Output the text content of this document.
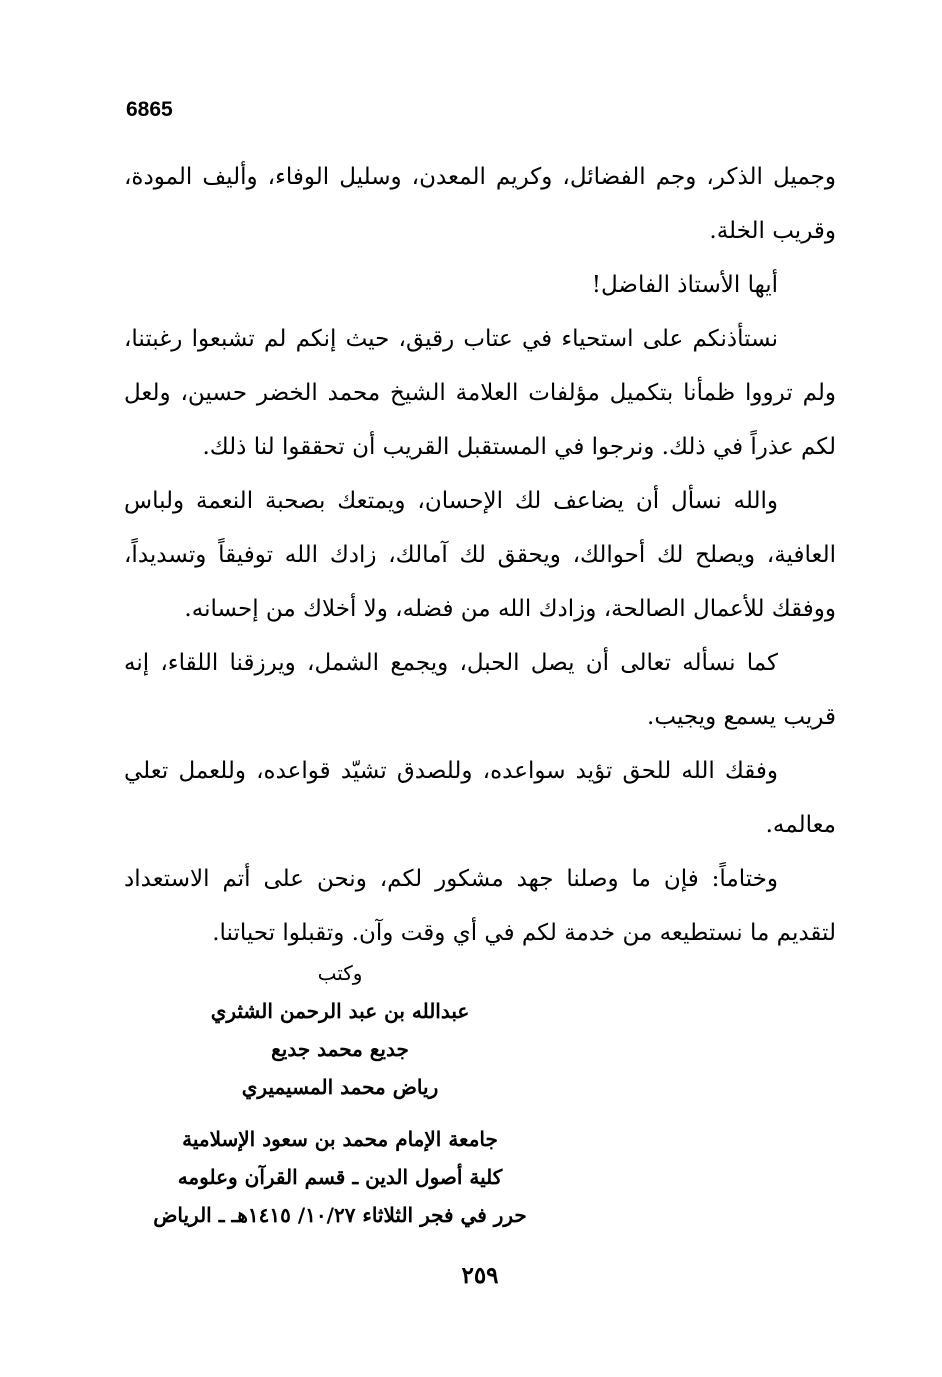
6865

وجميل الذكر، وجم الفضائل، وكريم المعدن، وسليل الوفاء، وأليف المودة، وقريب الخلة.

أيها الأستاذ الفاضل!

نستأذنكم على استحياء في عتاب رقيق، حيث إنكم لم تشبعوا رغبتنا، ولم ترووا ظمأنا بتكميل مؤلفات العلامة الشيخ محمد الخضر حسين، ولعل لكم عذراً في ذلك. ونرجوا في المستقبل القريب أن تحققوا لنا ذلك.

والله نسأل أن يضاعف لك الإحسان، ويمتعك بصحبة النعمة ولباس العافية، ويصلح لك أحوالك، ويحقق لك آمالك، زادك الله توفيقاً وتسديداً، ووفقك للأعمال الصالحة، وزادك الله من فضله، ولا أخلاك من إحسانه.

كما نسأله تعالى أن يصل الحبل، ويجمع الشمل، ويرزقنا اللقاء، إنه قريب يسمع ويجيب.

وفقك الله للحق تؤيد سواعده، وللصدق تشيّد قواعده، وللعمل تعلي معالمه.

وختاماً: فإن ما وصلنا جهد مشكور لكم، ونحن على أتم الاستعداد لتقديم ما نستطيعه من خدمة لكم في أي وقت وآن. وتقبلوا تحياتنا.

وكتب
عبدالله بن عبد الرحمن الشثري
جديع محمد جديع
رياض محمد المسيميري
جامعة الإمام محمد بن سعود الإسلامية
كلية أصول الدين ـ قسم القرآن وعلومه
حرر في فجر الثلاثاء ١٠/٢٧/ ١٤١٥هـ ـ الرياض
٢٥٩
